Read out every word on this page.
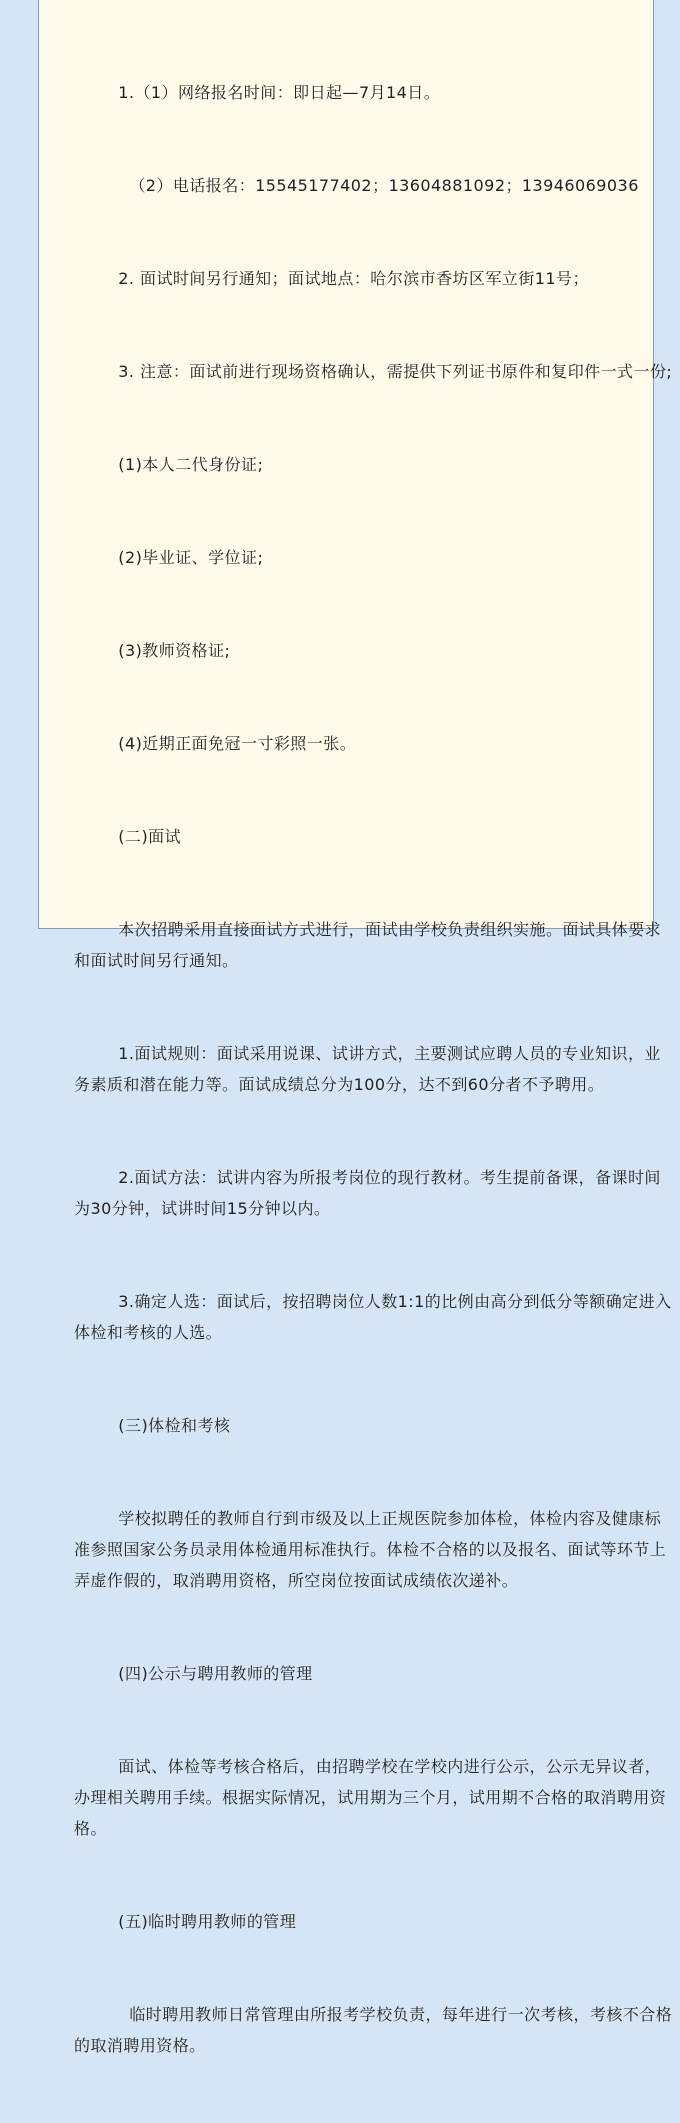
1.（1）网络报名时间：即日起—7月14日。

（2）电话报名：15545177402；13604881092；13946069036

2. 面试时间另行通知；面试地点：哈尔滨市香坊区军立街11号；

3. 注意：面试前进行现场资格确认，需提供下列证书原件和复印件一式一份;

(1)本人二代身份证;

(2)毕业证、学位证;

(3)教师资格证;

(4)近期正面免冠一寸彩照一张。

(二)面试

本次招聘采用直接面试方式进行，面试由学校负责组织实施。面试具体要求和面试时间另行通知。

1.面试规则：面试采用说课、试讲方式，主要测试应聘人员的专业知识，业务素质和潜在能力等。面试成绩总分为100分，达不到60分者不予聘用。

2.面试方法：试讲内容为所报考岗位的现行教材。考生提前备课，备课时间为30分钟，试讲时间15分钟以内。

3.确定人选：面试后，按招聘岗位人数1:1的比例由高分到低分等额确定进入体检和考核的人选。

(三)体检和考核

学校拟聘任的教师自行到市级及以上正规医院参加体检，体检内容及健康标准参照国家公务员录用体检通用标准执行。体检不合格的以及报名、面试等环节上弄虚作假的，取消聘用资格，所空岗位按面试成绩依次递补。

(四)公示与聘用教师的管理

面试、体检等考核合格后，由招聘学校在学校内进行公示，公示无异议者，办理相关聘用手续。根据实际情况，试用期为三个月，试用期不合格的取消聘用资格。

(五)临时聘用教师的管理

临时聘用教师日常管理由所报考学校负责，每年进行一次考核，考核不合格的取消聘用资格。
